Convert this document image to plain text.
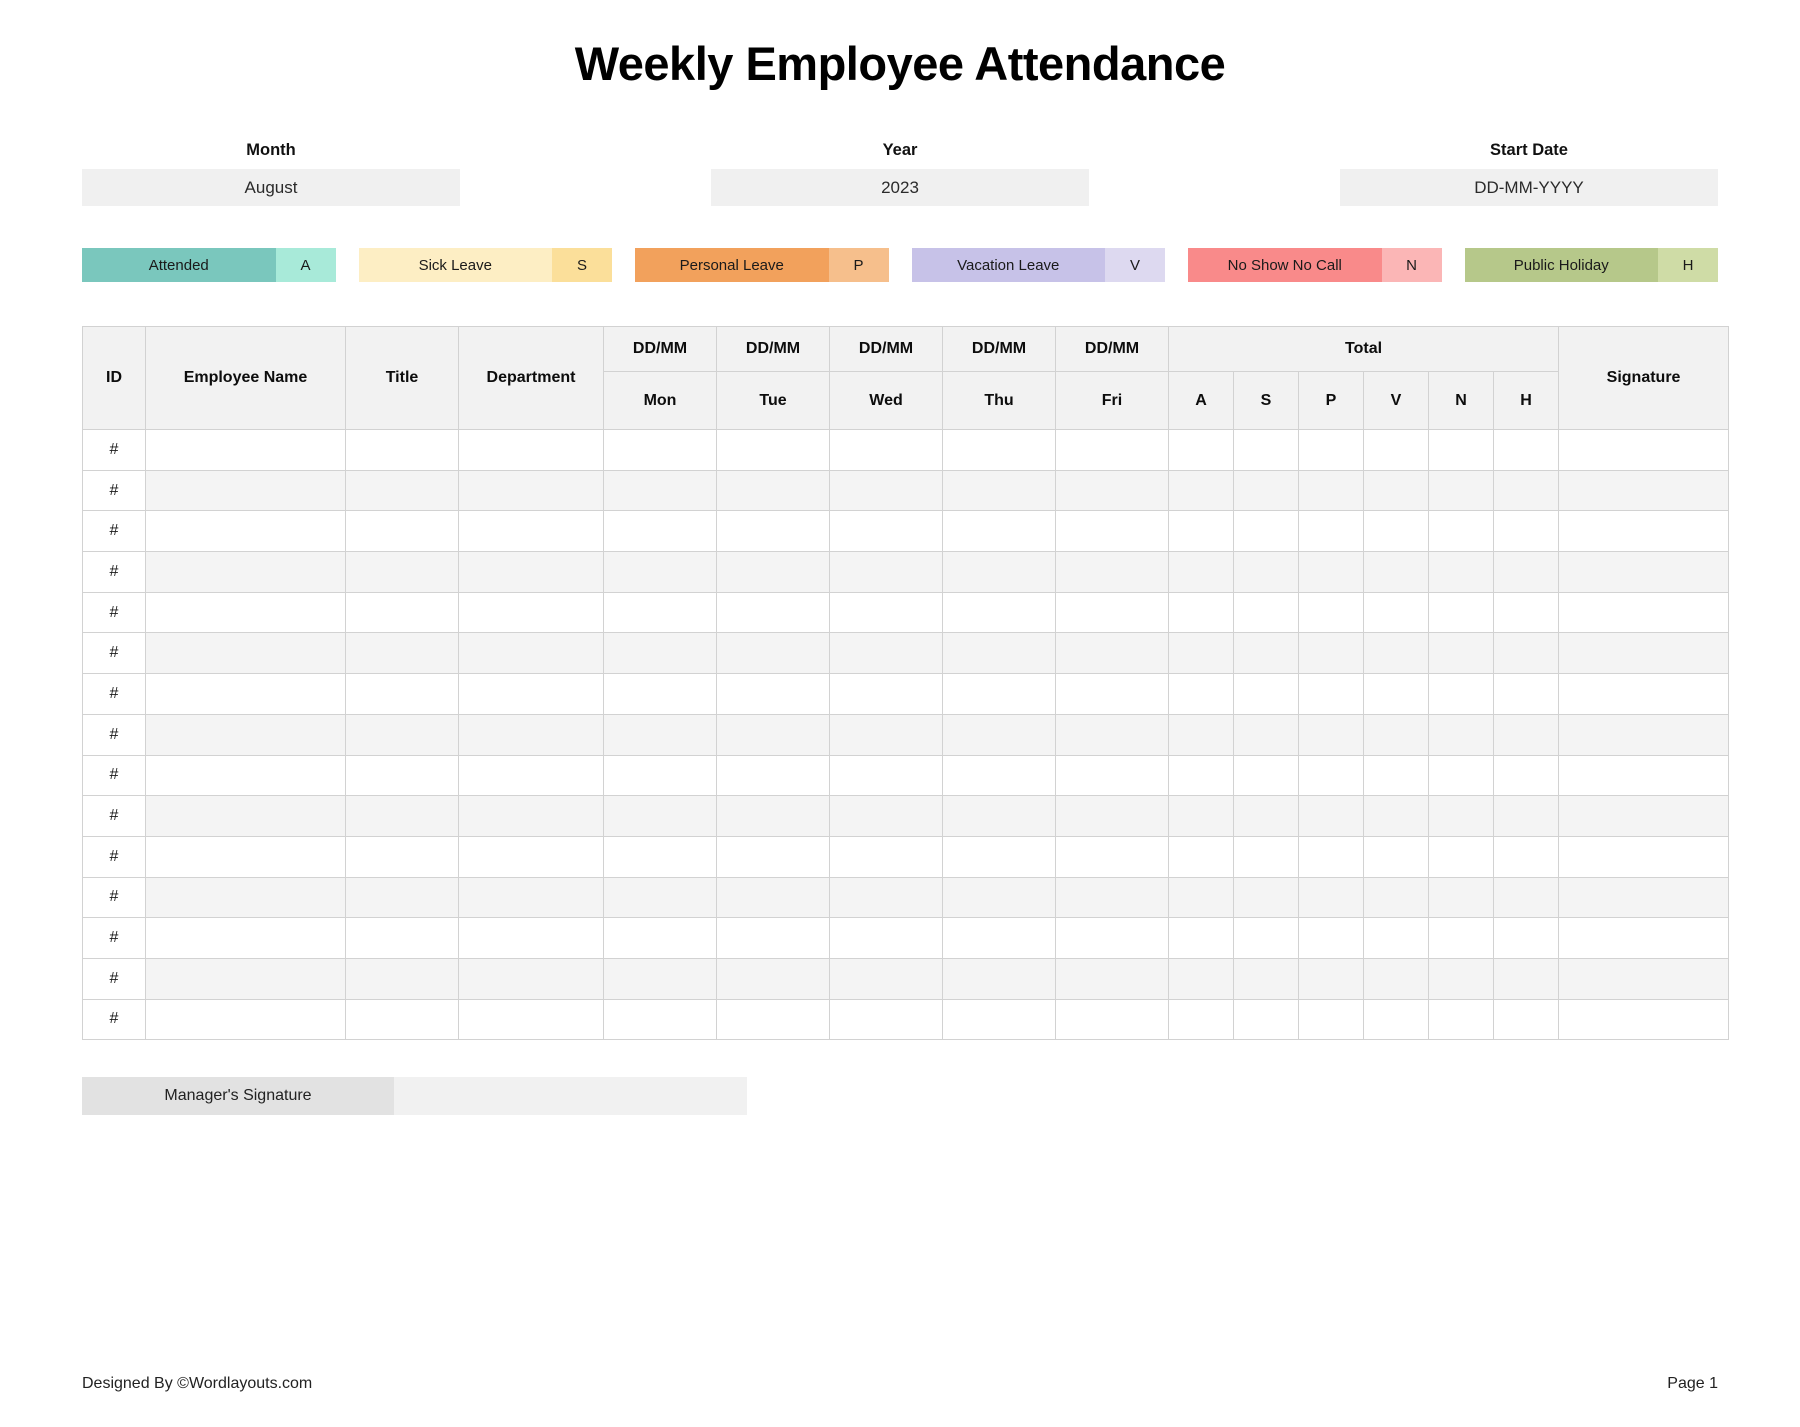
Weekly Employee Attendance
Month
August
Year
2023
Start Date
DD-MM-YYYY
Attended	A	Sick Leave	S	Personal Leave	P	Vacation Leave	V	No Show No Call	N	Public Holiday	H
ID	Employee Name	Title	Department	DD/MM	DD/MM	DD/MM	DD/MM	DD/MM	Total						Signature
				Mon	Tue	Wed	Thu	Fri	A	S	P	V	N	H	
#															
#															
#															
#															
#															
#															
#															
#															
#															
#															
#															
#															
#															
#															
#															
Manager's Signature
Designed By ©Wordlayouts.com	Page 1
